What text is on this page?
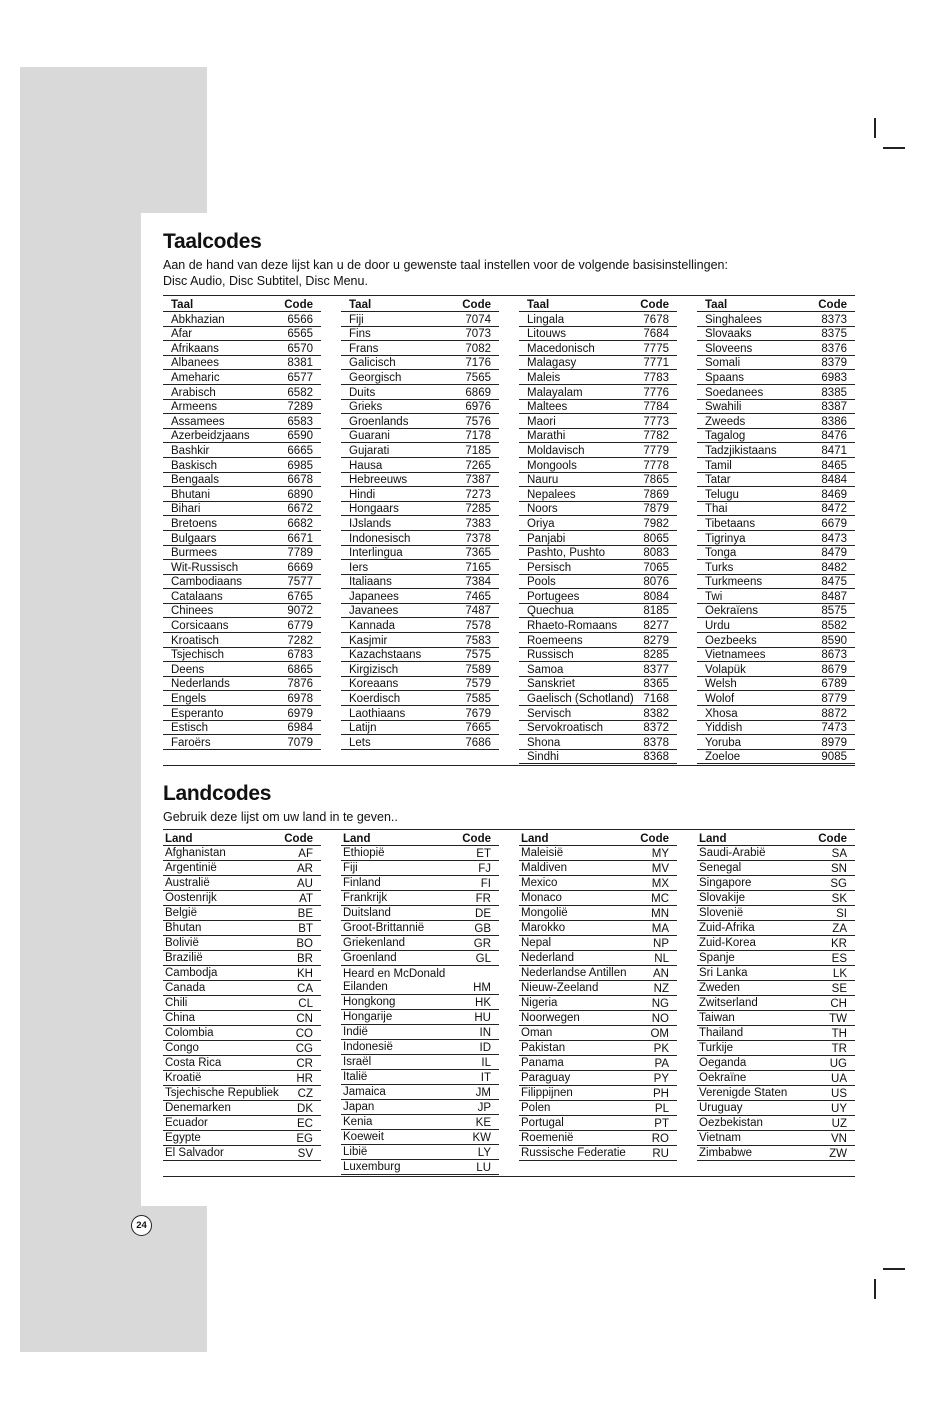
Taalcodes
Aan de hand van deze lijst kan u de door u gewenste taal instellen voor de volgende basisinstellingen:
Disc Audio, Disc Subtitel, Disc Menu.
Taal	Code
Abkhazian	6566
Afar	6565
Afrikaans	6570
Albanees	8381
Ameharic	6577
Arabisch	6582
Armeens	7289
Assamees	6583
Azerbeidzjaans	6590
Bashkir	6665
Baskisch	6985
Bengaals	6678
Bhutani	6890
Bihari	6672
Bretoens	6682
Bulgaars	6671
Burmees	7789
Wit-Russisch	6669
Cambodiaans	7577
Catalaans	6765
Chinees	9072
Corsicaans	6779
Kroatisch	7282
Tsjechisch	6783
Deens	6865
Nederlands	7876
Engels	6978
Esperanto	6979
Estisch	6984
Faroërs	7079
Taal	Code
Fiji	7074
Fins	7073
Frans	7082
Galicisch	7176
Georgisch	7565
Duits	6869
Grieks	6976
Groenlands	7576
Guarani	7178
Gujarati	7185
Hausa	7265
Hebreeuws	7387
Hindi	7273
Hongaars	7285
IJslands	7383
Indonesisch	7378
Interlingua	7365
Iers	7165
Italiaans	7384
Japanees	7465
Javanees	7487
Kannada	7578
Kasjmir	7583
Kazachstaans	7575
Kirgizisch	7589
Koreaans	7579
Koerdisch	7585
Laothiaans	7679
Latijn	7665
Lets	7686
Taal	Code
Lingala	7678
Litouws	7684
Macedonisch	7775
Malagasy	7771
Maleis	7783
Malayalam	7776
Maltees	7784
Maori	7773
Marathi	7782
Moldavisch	7779
Mongools	7778
Nauru	7865
Nepalees	7869
Noors	7879
Oriya	7982
Panjabi	8065
Pashto, Pushto	8083
Persisch	7065
Pools	8076
Portugees	8084
Quechua	8185
Rhaeto-Romaans 8277
Roemeens	8279
Russisch	8285
Samoa	8377
Sanskriet	8365
Gaelisch (Schotland) 7168
Servisch	8382
Servokroatisch	8372
Shona	8378
Sindhi	8368
Taal	Code
Singhalees	8373
Slovaaks	8375
Sloveens	8376
Somali	8379
Spaans	6983
Soedanees	8385
Swahili	8387
Zweeds	8386
Tagalog	8476
Tadzjikistaans	8471
Tamil	8465
Tatar	8484
Telugu	8469
Thai	8472
Tibetaans	6679
Tigrinya	8473
Tonga	8479
Turks	8482
Turkmeens	8475
Twi	8487
Oekraïens	8575
Urdu	8582
Oezbeeks	8590
Vietnamees	8673
Volapük	8679
Welsh	6789
Wolof	8779
Xhosa	8872
Yiddish	7473
Yoruba	8979
Zoeloe	9085
Landcodes
Gebruik deze lijst om uw land in te geven..
Land	Code
Afghanistan	AF
Argentinië	AR
Australië	AU
Oostenrijk	AT
België	BE
Bhutan	BT
Bolivië	BO
Brazilië	BR
Cambodja	KH
Canada	CA
Chili	CL
China	CN
Colombia	CO
Congo	CG
Costa Rica	CR
Kroatië	HR
Tsjechische Republiek	CZ
Denemarken	DK
Ecuador	EC
Egypte	EG
El Salvador	SV
Land	Code
Ethiopië	ET
Fiji	FJ
Finland	FI
Frankrijk	FR
Duitsland	DE
Groot-Brittannië	GB
Griekenland	GR
Groenland	GL
Heard en McDonald Eilanden	HM
Hongkong	HK
Hongarije	HU
Indië	IN
Indonesië	ID
Israël	IL
Italië	IT
Jamaica	JM
Japan	JP
Kenia	KE
Koeweit	KW
Libië	LY
Luxemburg	LU
Land	Code
Maleisië	MY
Maldiven	MV
Mexico	MX
Monaco	MC
Mongolië	MN
Marokko	MA
Nepal	NP
Nederland	NL
Nederlandse Antillen	AN
Nieuw-Zeeland	NZ
Nigeria	NG
Noorwegen	NO
Oman	OM
Pakistan	PK
Panama	PA
Paraguay	PY
Filippijnen	PH
Polen	PL
Portugal	PT
Roemenië	RO
Russische Federatie	RU
Land	Code
Saudi-Arabië	SA
Senegal	SN
Singapore	SG
Slovakije	SK
Slovenië	SI
Zuid-Afrika	ZA
Zuid-Korea	KR
Spanje	ES
Sri Lanka	LK
Zweden	SE
Zwitserland	CH
Taiwan	TW
Thailand	TH
Turkije	TR
Oeganda	UG
Oekraïne	UA
Verenigde Staten	US
Uruguay	UY
Oezbekistan	UZ
Vietnam	VN
Zimbabwe	ZW
24
